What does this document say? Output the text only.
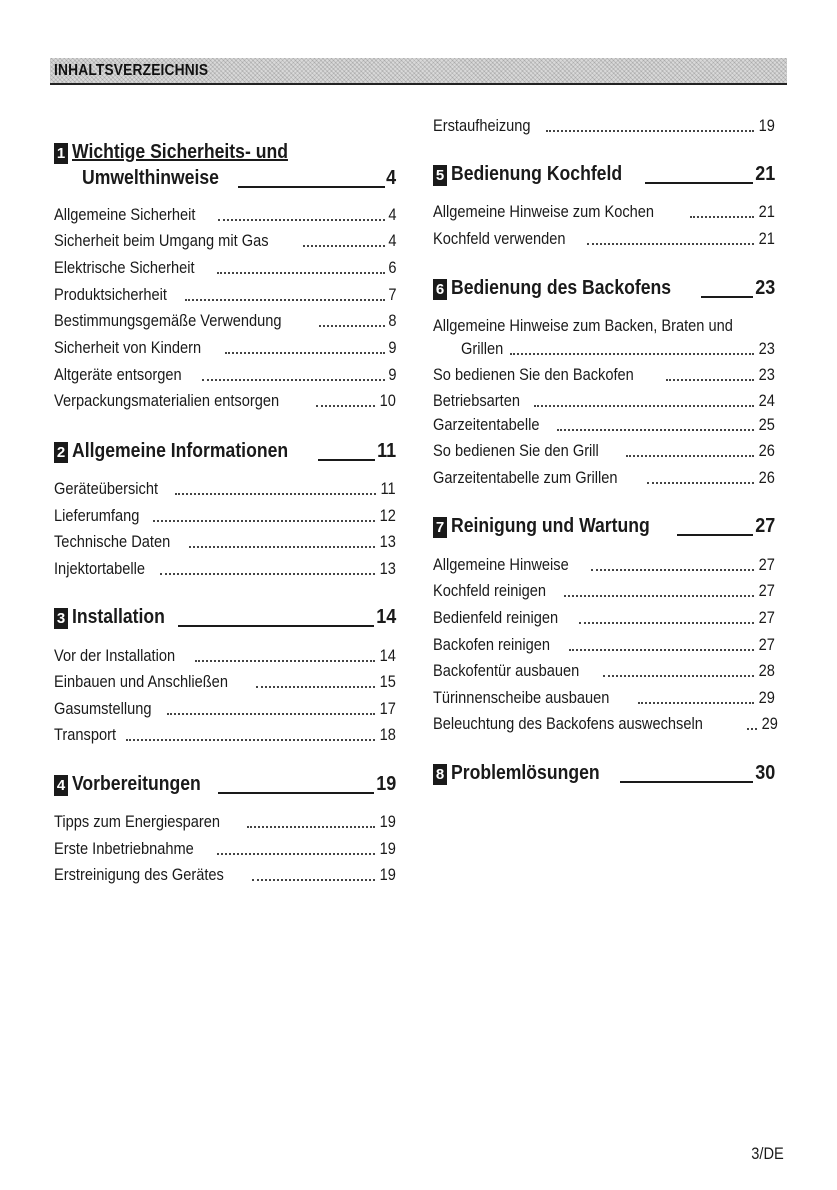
INHALTSVERZEICHNIS
1 Wichtige Sicherheits- und
Umwelthinweise	4
Allgemeine Sicherheit	4
Sicherheit beim Umgang mit Gas	4
Elektrische Sicherheit	6
Produktsicherheit	7
Bestimmungsgemäße Verwendung	8
Sicherheit von Kindern	9
Altgeräte entsorgen	9
Verpackungsmaterialien entsorgen	10
2 Allgemeine Informationen	11
Geräteübersicht	11
Lieferumfang	12
Technische Daten	13
Injektortabelle	13
3 Installation	14
Vor der Installation	14
Einbauen und Anschließen	15
Gasumstellung	17
Transport	18
4 Vorbereitungen	19
Tipps zum Energiesparen	19
Erste Inbetriebnahme	19
Erstreinigung des Gerätes	19
Erstaufheizung	19
5 Bedienung Kochfeld	21
Allgemeine Hinweise zum Kochen	21
Kochfeld verwenden	21
6 Bedienung des Backofens	23
Allgemeine Hinweise zum Backen, Braten und
Grillen	23
So bedienen Sie den Backofen	23
Betriebsarten	24
Garzeitentabelle	25
So bedienen Sie den Grill	26
Garzeitentabelle zum Grillen	26
7 Reinigung und Wartung	27
Allgemeine Hinweise	27
Kochfeld reinigen	27
Bedienfeld reinigen	27
Backofen reinigen	27
Backofentür ausbauen	28
Türinnenscheibe ausbauen	29
Beleuchtung des Backofens auswechseln	29
8 Problemlösungen	30
3/DE
